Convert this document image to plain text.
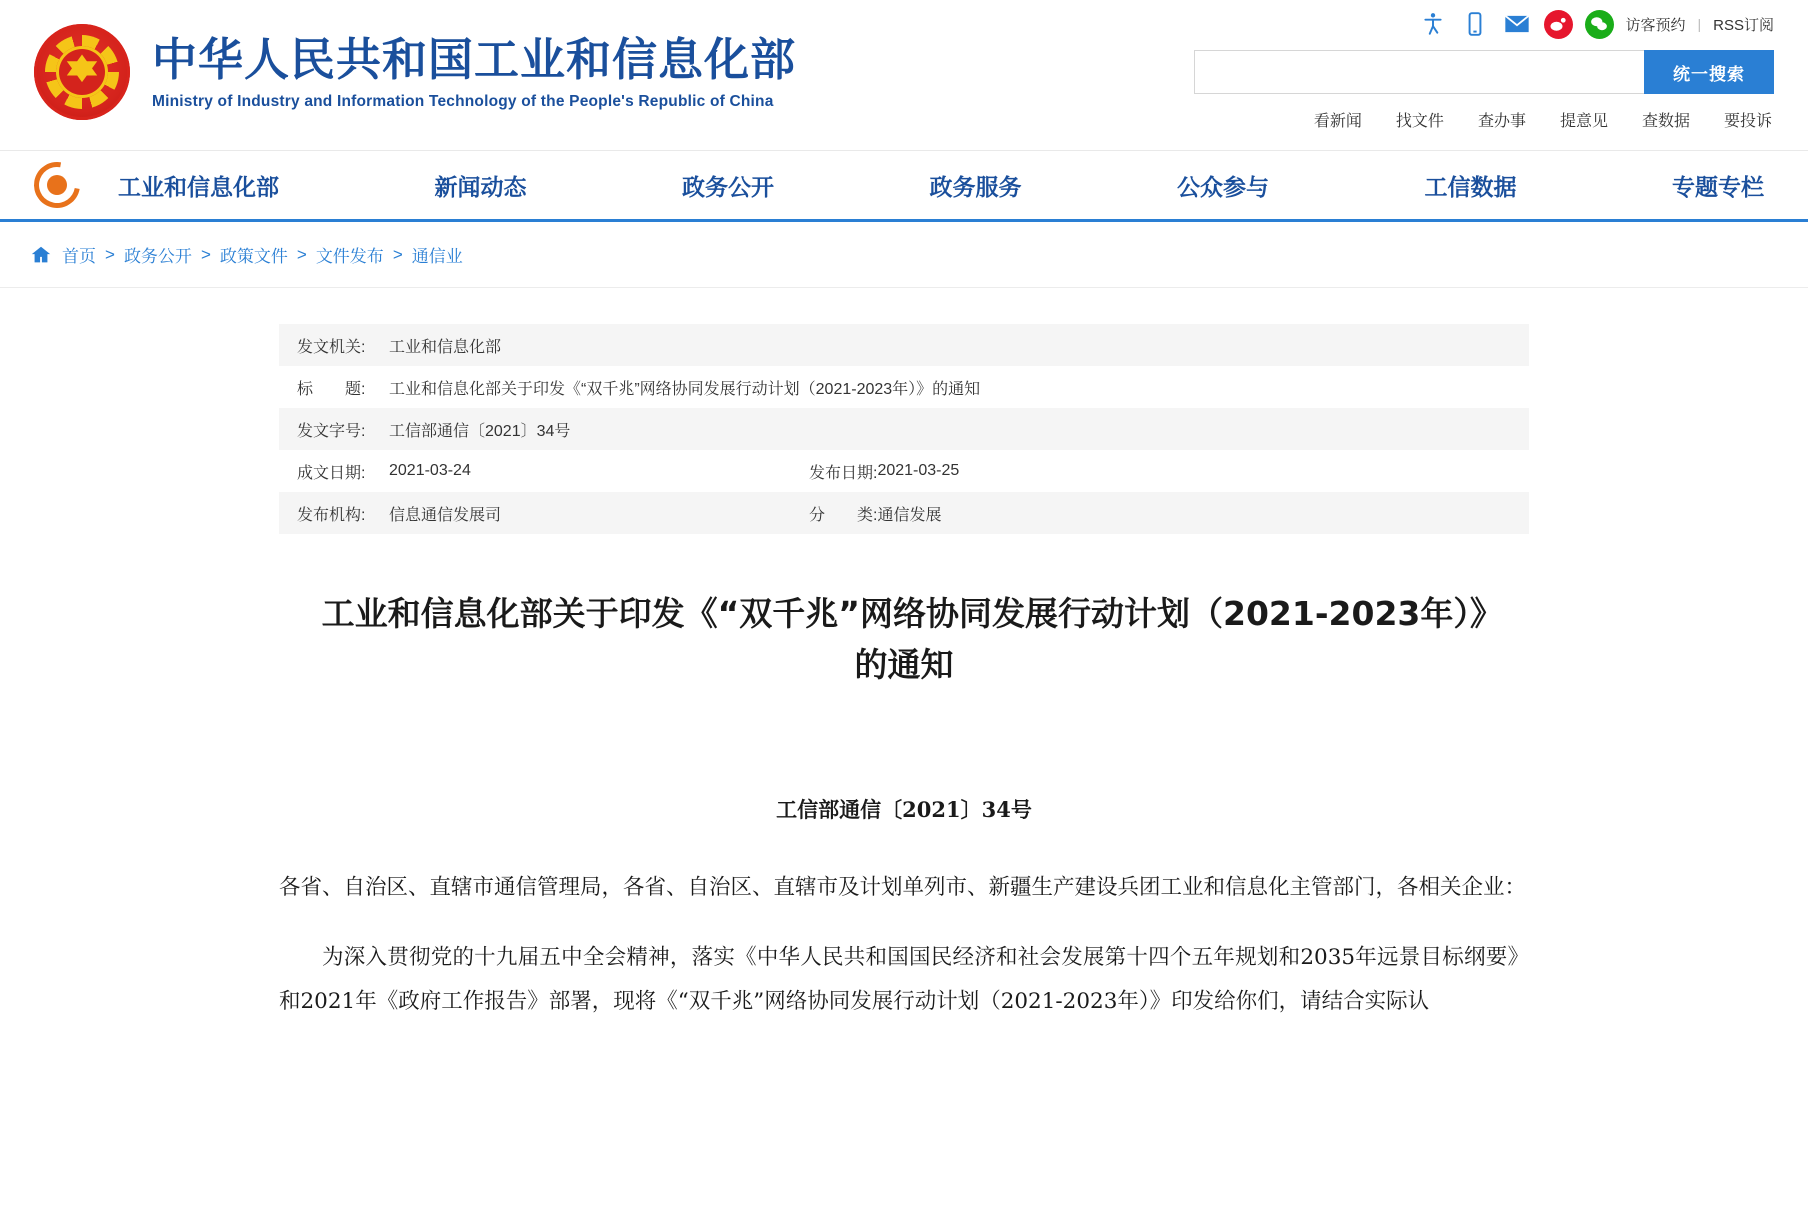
中华人民共和国工业和信息化部
Ministry of Industry and Information Technology of the People's Republic of China
访客预约 | RSS订阅
统一搜索
看新闻 找文件 查办事 提意见 查数据 要投诉
工业和信息化部	新闻动态	政务公开	政务服务	公众参与	工信数据	专题专栏
首页 > 政务公开 > 政策文件 > 文件发布 > 通信业
发文机关:	工业和信息化部		
标　　题:	工业和信息化部关于印发《“双千兆”网络协同发展行动计划（2021-2023年）》的通知		
发文字号:	工信部通信〔2021〕34号		
成文日期:	2021-03-24	发布日期:	2021-03-25
发布机构:	信息通信发展司	分　　类:	通信发展
工业和信息化部关于印发《“双千兆”网络协同发展行动计划（2021-2023年）》的通知
工信部通信〔2021〕34号

各省、自治区、直辖市通信管理局，各省、自治区、直辖市及计划单列市、新疆生产建设兵团工业和信息化主管部门，各相关企业：

为深入贯彻党的十九届五中全会精神，落实《中华人民共和国国民经济和社会发展第十四个五年规划和2035年远景目标纲要》和2021年《政府工作报告》部署，现将《“双千兆”网络协同发展行动计划（2021-2023年）》印发给你们，请结合实际认
